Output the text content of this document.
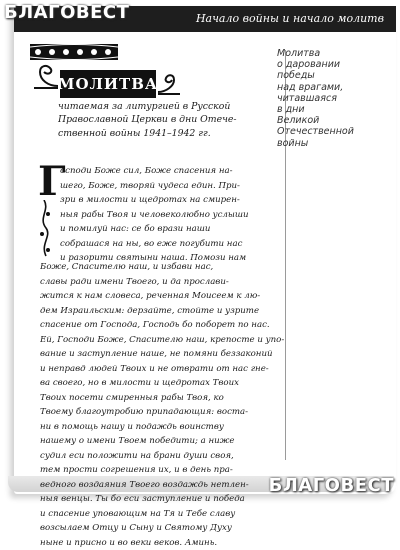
Начало войны и начало молитв
БЛАГОВЕСТ
БЛАГОВЕСТ
МОЛИТВА
читаемая за литургией в Русской
Православной Церкви в дни Отече-
ственной войны 1941–1942 гг.
Г
осподи Боже сил, Боже спасения на-
шего, Боже, творяй чудеса един. При-
зри в милости и щедротах на смирен-
ныя рабы Твоя и человеколюбно услыши
и помилуй нас: се бо врази наши
собрашася на ны, во еже погубити нас
и разорити святыни наша. Помози нам
Боже, Спасителю наш, и избави нас,
славы ради имени Твоего, и да прослави-
жится к нам словеса, реченная Моисеем к лю-
дем Израильским: дерзайте, стойте и узрите
спасение от Господа, Господь бо поборет по нас.
Ей, Господи Боже, Спасителю наш, крепосте и упо-
вание и заступление наше, не помяни беззаконий
и неправд людей Твоих и не отврати от нас гне-
ва своего, но в милости и щедротах Твоих
Твоих посети смиренныя рабы Твоя, ко
Твоему благоутробию припадающия: воста-
ни в помощь нашу и подаждь воинству
нашему о имени Твоем победити; а ниже
судил еси положити на брани души своя,
тем прости согрешения их, и в день пра-
ведного воздаяния Твоего воздаждь нетлен-
ныя венцы. Ты бо еси заступление и победа
и спасение уповающим на Тя и Тебе славу
возсылаем Отцу и Сыну и Святому Духу
ныне и присно и во веки веков. Аминь.
Молитва
о даровании
победы
над врагами,
читавшаяся
в дни
Великой
Отечественной
войны
